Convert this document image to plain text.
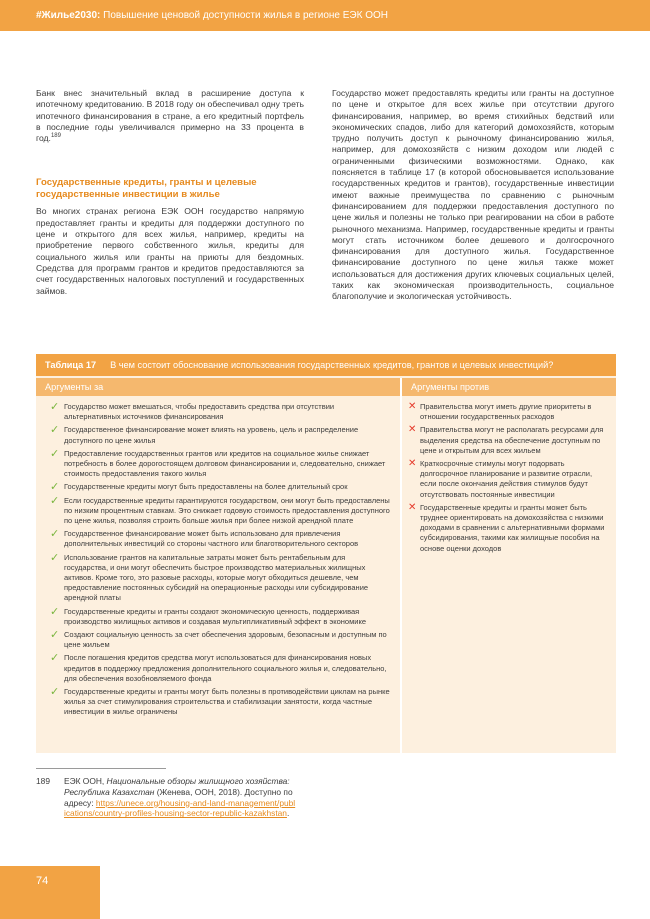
#Жилье2030: Повышение ценовой доступности жилья в регионе ЕЭК ООН

Банк внес значительный вклад в расширение доступа к ипотечному кредитованию. В 2018 году он обеспечивал одну треть ипотечного финансирования в стране, а его кредитный портфель в последние годы увеличивался примерно на 33 процента в год.$^{189}$

Государственные кредиты, гранты и целевые государственные инвестиции в жилье

Во многих странах региона ЕЭК ООН государство напрямую предоставляет гранты и кредиты для поддержки доступного по цене и открытого для всех жилья, например, кредиты на приобретение первого собственного жилья, кредиты для социального жилья или гранты на приюты для бездомных. Средства для программ грантов и кредитов предоставляются за счет государственных налоговых поступлений и государственных займов.

Государство может предоставлять кредиты или гранты на доступное по цене и открытое для всех жилье при отсутствии другого финансирования, например, во время стихийных бедствий или экономических спадов, либо для категорий домохозяйств, которым трудно получить доступ к рыночному финансированию жилья, например, для домохозяйств с низким доходом или людей с ограниченными физическими возможностями. Однако, как поясняется в таблице 17 (в которой обосновывается использование государственных кредитов и грантов), государственные инвестиции имеют важные преимущества по сравнению с рыночным финансированием для поддержки предоставления доступного по цене жилья и полезны не только при реагировании на сбои в работе рыночного механизма. Например, государственные кредиты и гранты могут стать источником более дешевого и долгосрочного финансирования для доступного жилья. Государственное финансирование доступного по цене жилья также может использоваться для достижения других ключевых социальных целей, таких как экономическая производительность, социальное благополучие и экологическая устойчивость.

Таблица 17 В чем состоит обоснование использования государственных кредитов, грантов и целевых инвестиций?
Аргументы за	Аргументы против
✓ Государство может вмешаться, чтобы предоставить средства при отсутствии альтернативных источников финансирования
✓ Государственное финансирование может влиять на уровень, цель и распределение доступного по цене жилья
✓ Предоставление государственных грантов или кредитов на социальное жилье снижает потребность в более дорогостоящем долговом финансировании и, следовательно, снижает стоимость предоставления такого жилья
✓ Государственные кредиты могут быть предоставлены на более длительный срок
✓ Если государственные кредиты гарантируются государством, они могут быть предоставлены по низким процентным ставкам. Это снижает годовую стоимость предоставления доступного по цене жилья, позволяя строить больше жилья при более низкой арендной плате
✓ Государственное финансирование может быть использовано для привлечения дополнительных инвестиций со стороны частного или благотворительного секторов
✓ Использование грантов на капитальные затраты может быть рентабельным для государства, и они могут обеспечить быстрое производство материальных жилищных активов. Кроме того, это разовые расходы, которые могут обходиться дешевле, чем предоставление постоянных субсидий на операционные расходы или субсидирование арендной платы
✓ Государственные кредиты и гранты создают экономическую ценность, поддерживая производство жилищных активов и создавая мультипликативный эффект в экономике
✓ Создают социальную ценность за счет обеспечения здоровым, безопасным и доступным по цене жильем
✓ После погашения кредитов средства могут использоваться для финансирования новых кредитов в поддержку предложения дополнительного социального жилья и, следовательно, для обеспечения возобновляемого фонда
✓ Государственные кредиты и гранты могут быть полезны в противодействии циклам на рынке жилья за счет стимулирования строительства и стабилизации занятости, когда частные инвестиции в жилье ограничены
✕ Правительства могут иметь другие приоритеты в отношении государственных расходов
✕ Правительства могут не располагать ресурсами для выделения средства на обеспечение доступным по цене и открытым для всех жильем
✕ Краткосрочные стимулы могут подорвать долгосрочное планирование и развитие отрасли, если после окончания действия стимулов будут отсутствовать постоянные инвестиции
✕ Государственные кредиты и гранты может быть труднее ориентировать на домохозяйства с низкими доходами в сравнении с альтернативными формами субсидирования, такими как жилищные пособия на основе оценки доходов
189 ЕЭК ООН, Национальные обзоры жилищного хозяйства: Республика Казахстан (Женева, ООН, 2018). Доступно по адресу: https://unece.org/housing-and-land-management/publications/country-profiles-housing-sector-republic-kazakhstan.
74
